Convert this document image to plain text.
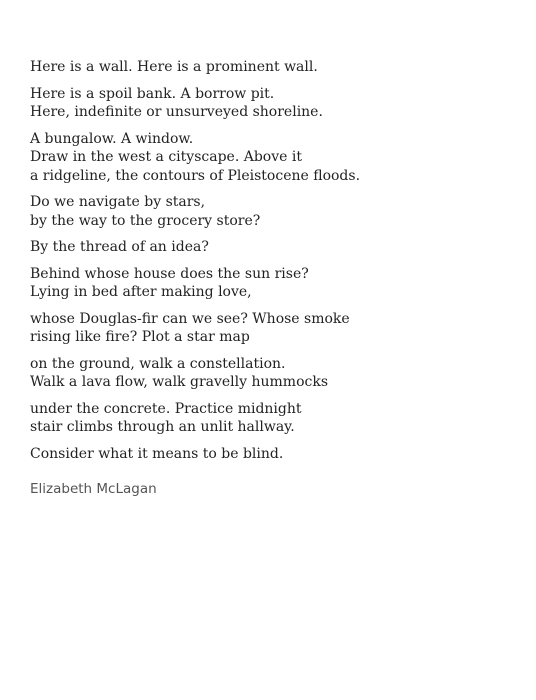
Here is a wall. Here is a prominent wall.
Here is a spoil bank. A borrow pit.
Here, indefinite or unsurveyed shoreline.
A bungalow. A window.
Draw in the west a cityscape. Above it
a ridgeline, the contours of Pleistocene floods.
Do we navigate by stars,
by the way to the grocery store?
By the thread of an idea?
Behind whose house does the sun rise?
Lying in bed after making love,
whose Douglas-fir can we see? Whose smoke
rising like fire? Plot a star map
on the ground, walk a constellation.
Walk a lava flow, walk gravelly hummocks
under the concrete. Practice midnight
stair climbs through an unlit hallway.
Consider what it means to be blind.
Elizabeth McLagan
